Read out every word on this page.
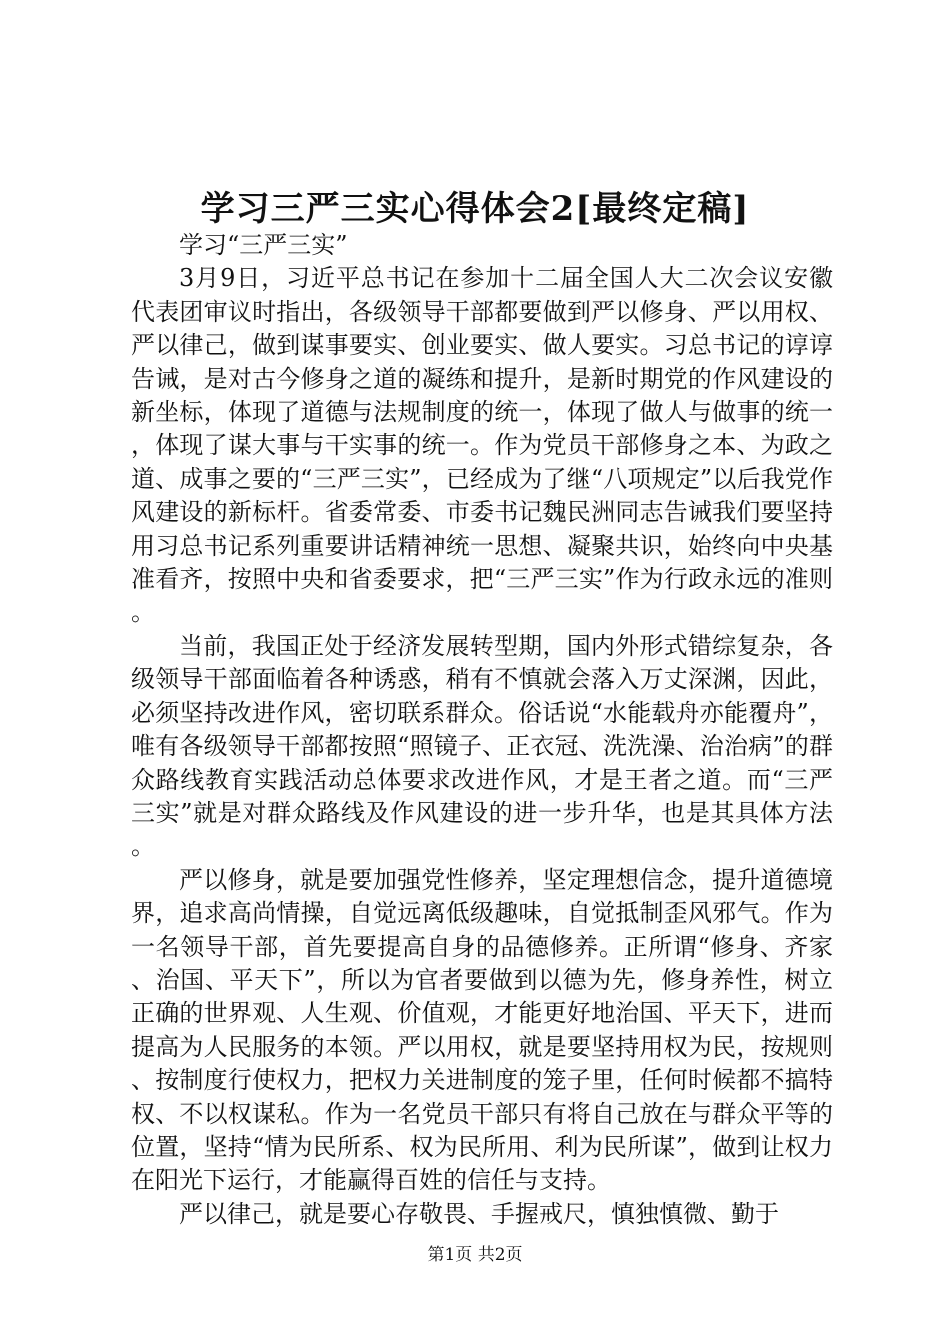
学习三严三实心得体会2[最终定稿]

学习“三严三实”

3月9日，习近平总书记在参加十二届全国人大二次会议安徽代表团审议时指出，各级领导干部都要做到严以修身、严以用权、严以律己，做到谋事要实、创业要实、做人要实。习总书记的谆谆告诫，是对古今修身之道的凝练和提升，是新时期党的作风建设的新坐标，体现了道德与法规制度的统一，体现了做人与做事的统一，体现了谋大事与干实事的统一。作为党员干部修身之本、为政之道、成事之要的“三严三实”，已经成为了继“八项规定”以后我党作风建设的新标杆。省委常委、市委书记魏民洲同志告诫我们要坚持用习总书记系列重要讲话精神统一思想、凝聚共识，始终向中央基准看齐，按照中央和省委要求，把“三严三实”作为行政永远的准则。

当前，我国正处于经济发展转型期，国内外形式错综复杂，各级领导干部面临着各种诱惑，稍有不慎就会落入万丈深渊，因此，必须坚持改进作风，密切联系群众。俗话说“水能载舟亦能覆舟”，唯有各级领导干部都按照“照镜子、正衣冠、洗洗澡、治治病”的群众路线教育实践活动总体要求改进作风，才是王者之道。而“三严三实”就是对群众路线及作风建设的进一步升华，也是其具体方法。

严以修身，就是要加强党性修养，坚定理想信念，提升道德境界，追求高尚情操，自觉远离低级趣味，自觉抵制歪风邪气。作为一名领导干部，首先要提高自身的品德修养。正所谓“修身、齐家、治国、平天下”，所以为官者要做到以德为先，修身养性，树立正确的世界观、人生观、价值观，才能更好地治国、平天下，进而提高为人民服务的本领。严以用权，就是要坚持用权为民，按规则、按制度行使权力，把权力关进制度的笼子里，任何时候都不搞特权、不以权谋私。作为一名党员干部只有将自己放在与群众平等的位置，坚持“情为民所系、权为民所用、利为民所谋”，做到让权力在阳光下运行，才能赢得百姓的信任与支持。

严以律己，就是要心存敬畏、手握戒尺，慎独慎微、勤于

第1页 共2页
